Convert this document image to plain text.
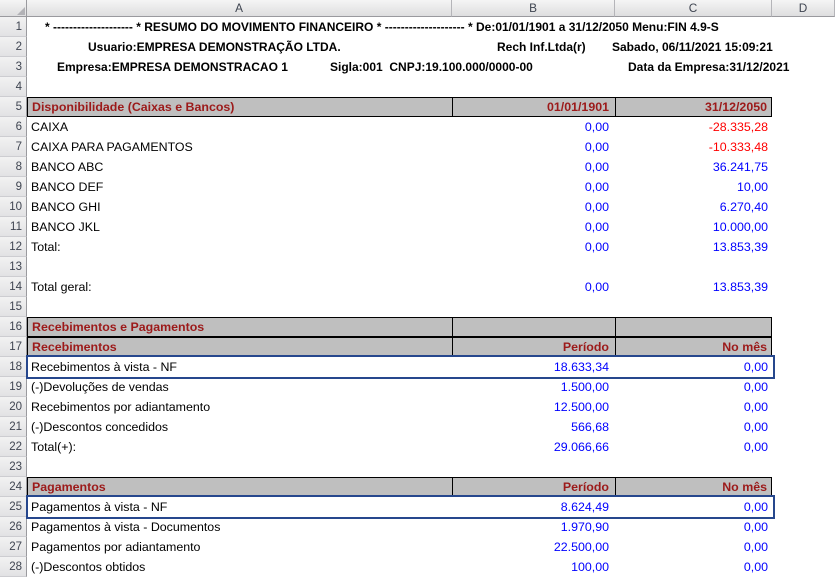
A	B	C	D
1	* -------------------- * RESUMO DO MOVIMENTO FINANCEIRO * -------------------- * De:01/01/1901 a 31/12/2050 Menu:FIN 4.9-S
2	Usuario:EMPRESA DEMONSTRAÇÃO LTDA.	Rech Inf.Ltda(r) Sabado, 06/11/2021 15:09:21
3	Empresa:EMPRESA DEMONSTRACAO 1	Sigla:001  CNPJ:19.100.000/0000-00	Data da Empresa:31/12/2021
4
5 Disponibilidade (Caixas e Bancos)	01/01/1901	31/12/2050
6 CAIXA	0,00	-28.335,28
7 CAIXA PARA PAGAMENTOS	0,00	-10.333,48
8 BANCO ABC	0,00	36.241,75
9 BANCO DEF	0,00	10,00
10 BANCO GHI	0,00	6.270,40
11 BANCO JKL	0,00	10.000,00
12 Total:	0,00	13.853,39
13
14 Total geral:	0,00	13.853,39
15
16 Recebimentos e Pagamentos
17 Recebimentos	Período	No mês
18 Recebimentos à vista - NF	18.633,34	0,00
19 (-)Devoluções de vendas	1.500,00	0,00
20 Recebimentos por adiantamento	12.500,00	0,00
21 (-)Descontos concedidos	566,68	0,00
22 Total(+):	29.066,66	0,00
23
24 Pagamentos	Período	No mês
25 Pagamentos à vista - NF	8.624,49	0,00
26 Pagamentos à vista - Documentos	1.970,90	0,00
27 Pagamentos por adiantamento	22.500,00	0,00
28 (-)Descontos obtidos	100,00	0,00
